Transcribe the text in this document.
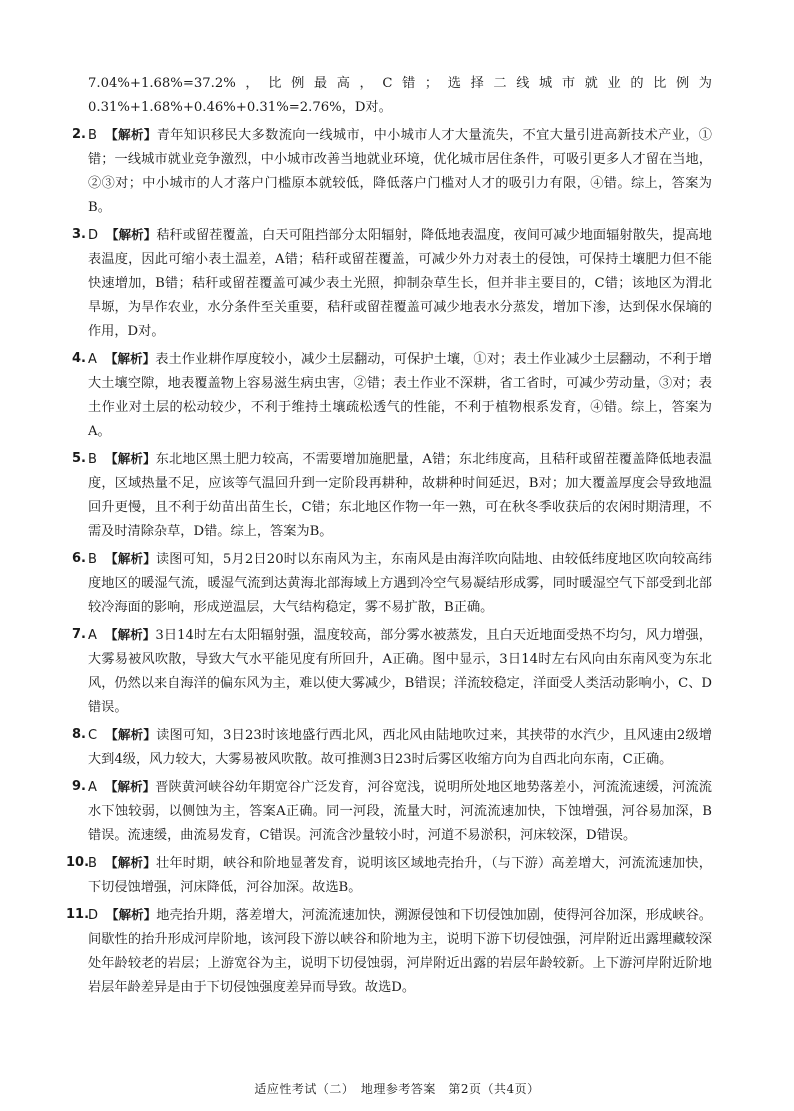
7.04%+1.68%=37.2%，比例最高，C错；选择二线城市就业的比例为0.31%+1.68%+0.46%+0.31%=2.76%，D对。

2. B 【解析】青年知识移民大多数流向一线城市，中小城市人才大量流失，不宜大量引进高新技术产业，①错；一线城市就业竞争激烈，中小城市改善当地就业环境，优化城市居住条件，可吸引更多人才留在当地，②③对；中小城市的人才落户门槛原本就较低，降低落户门槛对人才的吸引力有限，④错。综上，答案为B。
3. D 【解析】秸秆或留茬覆盖，白天可阻挡部分太阳辐射，降低地表温度，夜间可减少地面辐射散失，提高地表温度，因此可缩小表土温差，A错；秸秆或留茬覆盖，可减少外力对表土的侵蚀，可保持土壤肥力但不能快速增加，B错；秸秆或留茬覆盖可减少表土光照，抑制杂草生长，但并非主要目的，C错；该地区为渭北旱塬，为旱作农业，水分条件至关重要，秸秆或留茬覆盖可减少地表水分蒸发，增加下渗，达到保水保墒的作用，D对。
4. A 【解析】表土作业耕作厚度较小，减少土层翻动，可保护土壤，①对；表土作业减少土层翻动，不利于增大土壤空隙，地表覆盖物上容易滋生病虫害，②错；表土作业不深耕，省工省时，可减少劳动量，③对；表土作业对土层的松动较少，不利于维持土壤疏松透气的性能，不利于植物根系发育，④错。综上，答案为A。
5. B 【解析】东北地区黑土肥力较高，不需要增加施肥量，A错；东北纬度高，且秸秆或留茬覆盖降低地表温度，区域热量不足，应该等气温回升到一定阶段再耕种，故耕种时间延迟，B对；加大覆盖厚度会导致地温回升更慢，且不利于幼苗出苗生长，C错；东北地区作物一年一熟，可在秋冬季收获后的农闲时期清理，不需及时清除杂草，D错。综上，答案为B。
6. B 【解析】读图可知，5月2日20时以东南风为主，东南风是由海洋吹向陆地、由较低纬度地区吹向较高纬度地区的暖湿气流，暖湿气流到达黄海北部海域上方遇到冷空气易凝结形成雾，同时暖湿空气下部受到北部较冷海面的影响，形成逆温层，大气结构稳定，雾不易扩散，B正确。
7. A 【解析】3日14时左右太阳辐射强，温度较高，部分雾水被蒸发，且白天近地面受热不均匀，风力增强，大雾易被风吹散，导致大气水平能见度有所回升，A正确。图中显示，3日14时左右风向由东南风变为东北风，仍然以来自海洋的偏东风为主，难以使大雾减少，B错误；洋流较稳定，洋面受人类活动影响小，C、D错误。
8. C 【解析】读图可知，3日23时该地盛行西北风，西北风由陆地吹过来，其挟带的水汽少，且风速由2级增大到4级，风力较大，大雾易被风吹散。故可推测3日23时后雾区收缩方向为自西北向东南，C正确。
9. A 【解析】晋陕黄河峡谷幼年期宽谷广泛发育，河谷宽浅，说明所处地区地势落差小，河流流速缓，河流流水下蚀较弱，以侧蚀为主，答案A正确。同一河段，流量大时，河流流速加快，下蚀增强，河谷易加深，B错误。流速缓，曲流易发育，C错误。河流含沙量较小时，河道不易淤积，河床较深，D错误。
10.
B 【解析】壮年时期，峡谷和阶地显著发育，说明该区域地壳抬升，（与下游）高差增大，河流流速加快，下切侵蚀增强，河床降低，河谷加深。故选B。
11.
D 【解析】地壳抬升期，落差增大，河流流速加快，溯源侵蚀和下切侵蚀加剧，使得河谷加深，形成峡谷。间歇性的抬升形成河岸阶地，该河段下游以峡谷和阶地为主，说明下游下切侵蚀强，河岸附近出露埋藏较深处年龄较老的岩层；上游宽谷为主，说明下切侵蚀弱，河岸附近出露的岩层年龄较新。上下游河岸附近阶地岩层年龄差异是由于下切侵蚀强度差异而导致。故选D。
适应性考试（二）　地理参考答案　第2页（共4页）
